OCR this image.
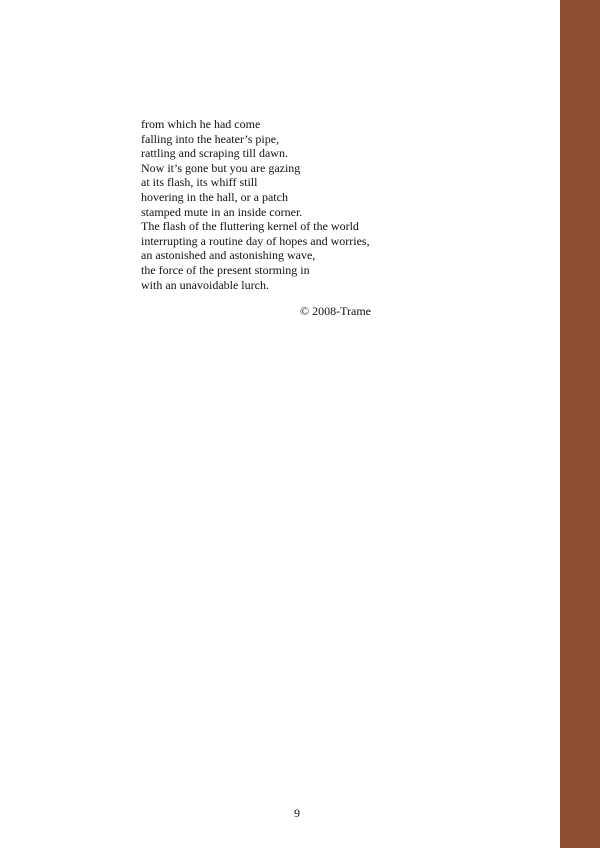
from which he had come
falling into the heater’s pipe,
rattling and scraping till dawn.
Now it’s gone but you are gazing
at its flash, its whiff still
hovering in the hall, or a patch
stamped mute in an inside corner.
The flash of the fluttering kernel of the world
interrupting a routine day of hopes and worries,
an astonished and astonishing wave,
the force of the present storming in
with an unavoidable lurch.
© 2008-Trame
9
